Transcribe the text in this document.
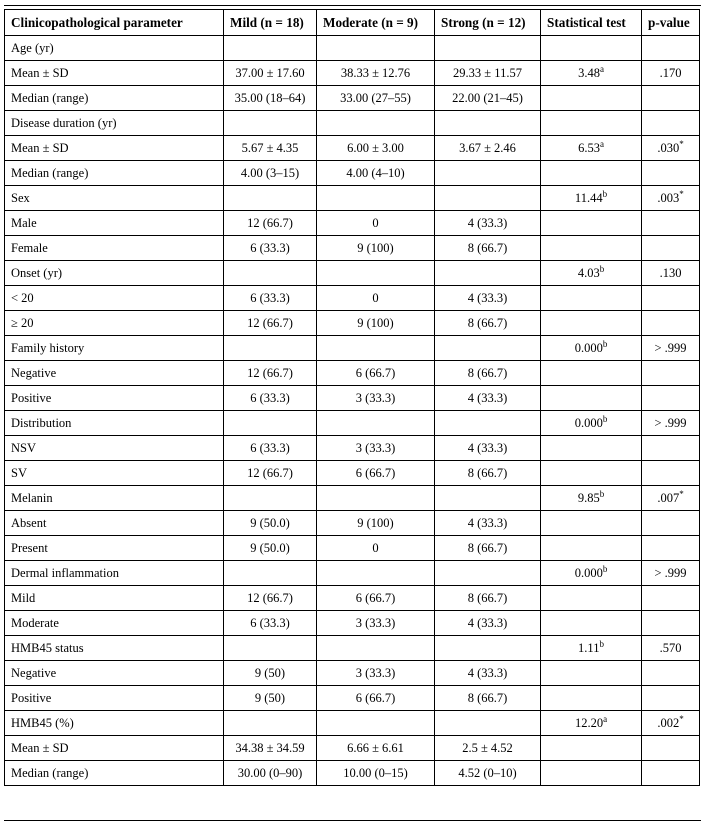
Clinicopathological parameter	Mild (n = 18)	Moderate (n = 9)	Strong (n = 12)	Statistical test	p-value
Age (yr)					
Mean ± SD	37.00 ± 17.60	38.33 ± 12.76	29.33 ± 11.57	3.48$^a$	.170
Median (range)	35.00 (18–64)	33.00 (27–55)	22.00 (21–45)		
Disease duration (yr)					
Mean ± SD	5.67 ± 4.35	6.00 ± 3.00	3.67 ± 2.46	6.53$^a$	.030*
Median (range)	4.00 (3–15)	4.00 (4–10)			
Sex				11.44$^b$	.003*
Male	12 (66.7)	0	4 (33.3)		
Female	6 (33.3)	9 (100)	8 (66.7)		
Onset (yr)				4.03$^b$	.130
< 20	6 (33.3)	0	4 (33.3)		
≥ 20	12 (66.7)	9 (100)	8 (66.7)		
Family history				0.000$^b$	> .999
Negative	12 (66.7)	6 (66.7)	8 (66.7)		
Positive	6 (33.3)	3 (33.3)	4 (33.3)		
Distribution				0.000$^b$	> .999
NSV	6 (33.3)	3 (33.3)	4 (33.3)		
SV	12 (66.7)	6 (66.7)	8 (66.7)		
Melanin				9.85$^b$	.007*
Absent	9 (50.0)	9 (100)	4 (33.3)		
Present	9 (50.0)	0	8 (66.7)		
Dermal inflammation				0.000$^b$	> .999
Mild	12 (66.7)	6 (66.7)	8 (66.7)		
Moderate	6 (33.3)	3 (33.3)	4 (33.3)		
HMB45 status				1.11$^b$	.570
Negative	9 (50)	3 (33.3)	4 (33.3)		
Positive	9 (50)	6 (66.7)	8 (66.7)		
HMB45 (%)				12.20$^a$	.002*
Mean ± SD	34.38 ± 34.59	6.66 ± 6.61	2.5 ± 4.52		
Median (range)	30.00 (0–90)	10.00 (0–15)	4.52 (0–10)		
